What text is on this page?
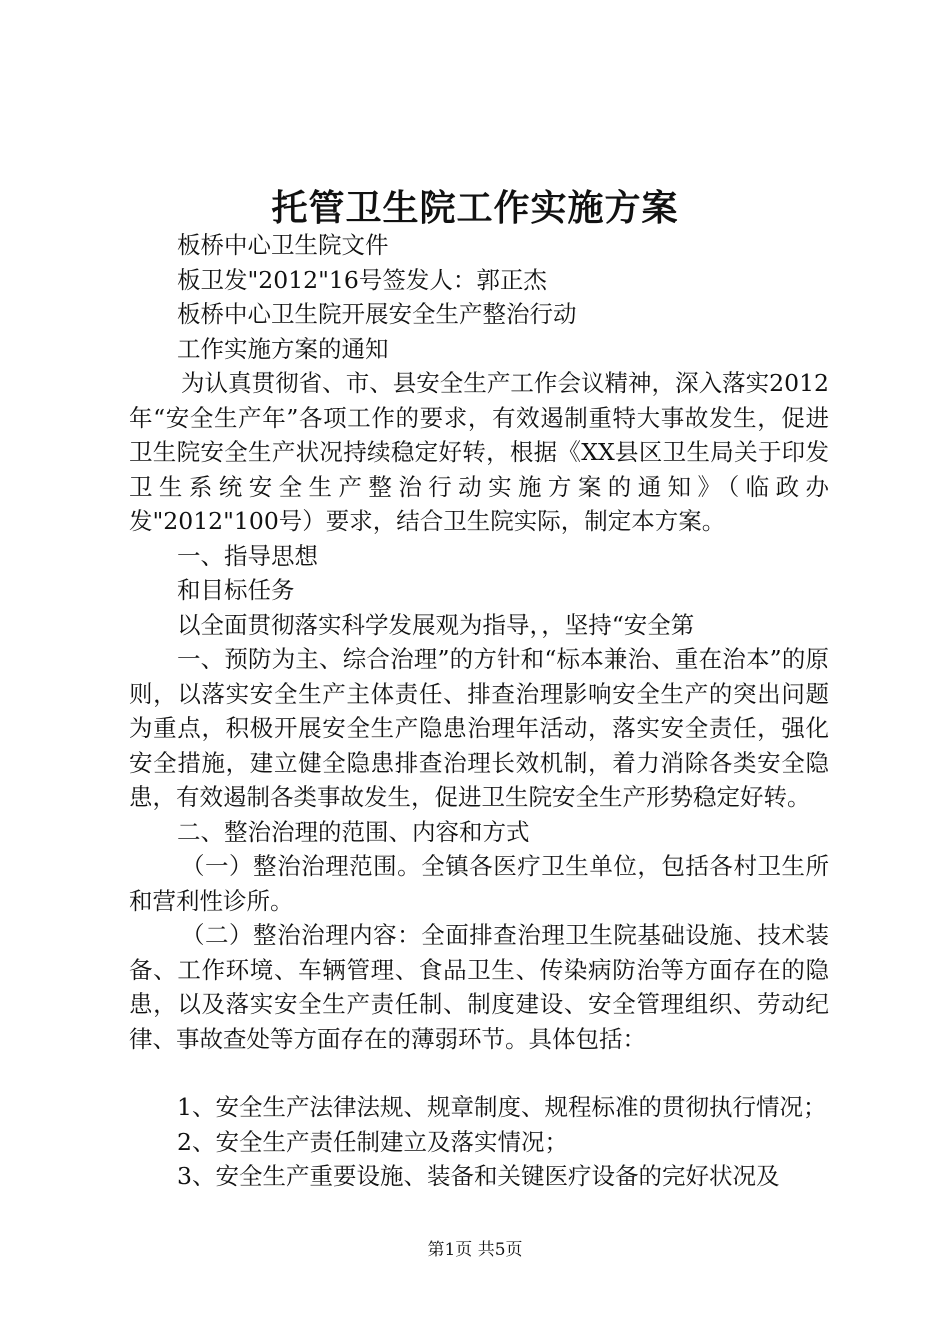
托管卫生院工作实施方案

板桥中心卫生院文件

板卫发"2012"16号签发人：郭正杰

板桥中心卫生院开展安全生产整治行动

工作实施方案的通知

为认真贯彻省、市、县安全生产工作会议精神，深入落实2012年“安全生产年”各项工作的要求，有效遏制重特大事故发生，促进卫生院安全生产状况持续稳定好转，根据《XX县区卫生局关于印发卫生系统安全生产整治行动实施方案的通知》（临政办发"2012"100号）要求，结合卫生院实际，制定本方案。

一、指导思想

和目标任务

以全面贯彻落实科学发展观为指导，，坚持“安全第

一、预防为主、综合治理”的方针和“标本兼治、重在治本”的原则，以落实安全生产主体责任、排查治理影响安全生产的突出问题为重点，积极开展安全生产隐患治理年活动，落实安全责任，强化安全措施，建立健全隐患排查治理长效机制，着力消除各类安全隐患，有效遏制各类事故发生，促进卫生院安全生产形势稳定好转。

二、整治治理的范围、内容和方式

（一）整治治理范围。全镇各医疗卫生单位，包括各村卫生所和营利性诊所。

（二）整治治理内容：全面排查治理卫生院基础设施、技术装备、工作环境、车辆管理、食品卫生、传染病防治等方面存在的隐患，以及落实安全生产责任制、制度建设、安全管理组织、劳动纪律、事故查处等方面存在的薄弱环节。具体包括：

1、安全生产法律法规、规章制度、规程标准的贯彻执行情况；

2、安全生产责任制建立及落实情况；

3、安全生产重要设施、装备和关键医疗设备的完好状况及

第1页 共5页
